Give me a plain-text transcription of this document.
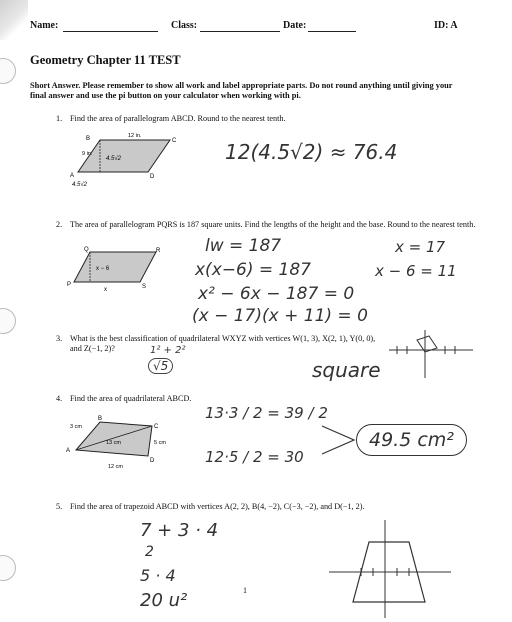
Name:	Class:	Date:	ID: A
Geometry Chapter 11 TEST
Short Answer. Please remember to show all work and label appropriate parts. Do not round anything until giving your final answer and use the pi button on your calculator when working with pi.
1. Find the area of parallelogram ABCD. Round to the nearest tenth.
B	C
A	D
12 in.
9 in.
4.5√2
4.5√2
12(4.5√2) ≈ 76.4
2. The area of parallelogram PQRS is 187 square units. Find the lengths of the height and the base. Round to the nearest tenth.
Q	R
P	S
x − 6
x
lw = 187
x(x−6) = 187
x² − 6x − 187 = 0
(x − 17)(x + 11) = 0
x = 17
x − 6 = 11
3. What is the best classification of quadrilateral WXYZ with vertices W(1, 3), X(2, 1), Y(0, 0), and Z(−1, 2)?	1² + 2²
√5	square
4. Find the area of quadrilateral ABCD.
B
C
A
D
3 cm
13 cm	5 cm
12 cm
13·3 / 2 = 39 / 2
12·5 / 2 = 30
49.5 cm²
5. Find the area of trapezoid ABCD with vertices A(2, 2), B(4, −2), C(−3, −2), and D(−1, 2).
7 + 3 · 4
2
5 · 4
20 u²	1
